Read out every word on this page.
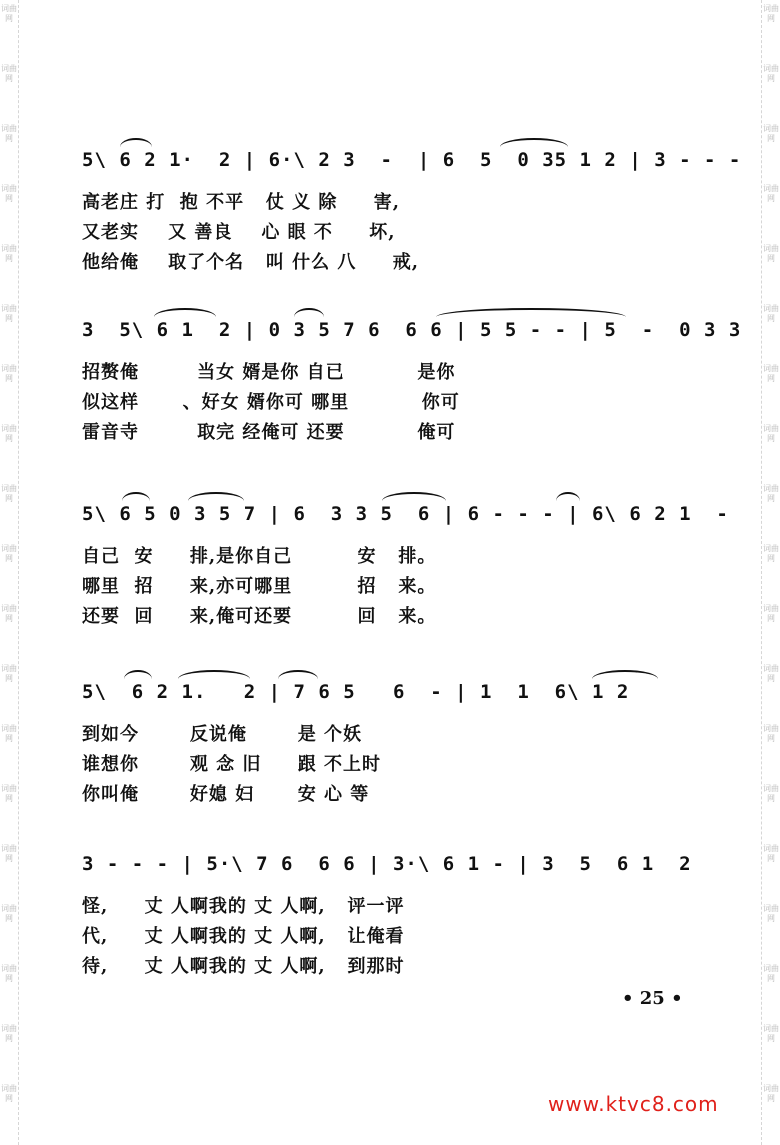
词曲网
词曲网
词曲网
词曲网
词曲网
词曲网
词曲网
词曲网
词曲网
词曲网
词曲网
词曲网
词曲网
词曲网
词曲网
词曲网
词曲网
词曲网
词曲网
词曲网
词曲网
词曲网
词曲网
词曲网
词曲网
词曲网
词曲网
词曲网
词曲网
词曲网
词曲网
词曲网
词曲网
词曲网
词曲网
词曲网
词曲网
词曲网
5\ 6 2 1·  2 | 6·\ 2 3  -  | 6  5  0 35 1 2 | 3 - - -
高老庄 打  抱 不平   仗 义 除     害,
又老实    又 善良    心 眼 不     坏,
他给俺    取了个名   叫 什么 八     戒,
3  5\ 6 1  2 | 0 3 5 7 6  6 6 | 5 5 - - | 5  -  0 3 3
招赘俺        当女 婿是你 自已          是你
似这样      、好女 婿你可 哪里          你可
雷音寺        取完 经俺可 还要          俺可
5\ 6 5 0 3 5 7 | 6  3 3 5  6 | 6 - - - | 6\ 6 2 1  -
自己  安     排,是你自己         安   排。
哪里  招     来,亦可哪里         招   来。
还要  回     来,俺可还要         回   来。
5\  6 2 1.   2 | 7 6 5   6  - | 1  1  6\ 1 2
到如今       反说俺       是 个妖
谁想你       观 念 旧     跟 不上时
你叫俺       好媳 妇      安 心 等
3 - - - | 5·\ 7 6  6 6 | 3·\ 6 1 - | 3  5  6 1  2
怪,     丈 人啊我的 丈 人啊,   评一评
代,     丈 人啊我的 丈 人啊,   让俺看
待,     丈 人啊我的 丈 人啊,   到那时
• 25 •
www.ktvc8.com
